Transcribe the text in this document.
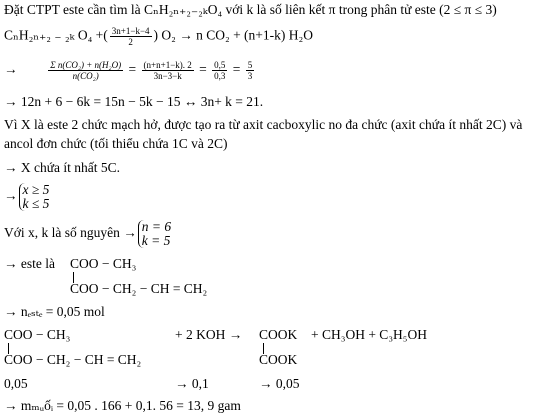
Đặt CTPT este cần tìm là CₙH₂ₙ₊₂₋₂ₖO₄ với k là số liên kết π trong phân tử este (2 ≤ π ≤ 3)
CₙH₂ₙ₊₂ ₋ ₂ₖ O₄ +( $\frac{3n+1-k-4}{2}$ ) O₂ → n CO₂ + (n+1-k) H₂O
→	$\frac{\text{Σ n(CO₂) + n(H₂O)}}{\text{n(CO₂)}} = \frac{(n+n+1-k). 2}{3n-3-k} = \frac{0,5}{0,3} = \frac{5}{3}$
→ 12n + 6 − 6k = 15n − 5k − 15 ↔ 3n+ k = 21.
Vì X là este 2 chức mạch hở, được tạo ra từ axit cacboxylic no đa chức (axit chứa ít nhất 2C) và
ancol đơn chức (tối thiểu chứa 1C và 2C)
→ X chứa ít nhất 5C.
→ x ≥ 5
k ≤ 5
Với x, k là số nguyên → n = 6
k = 5
→ este là COO − CH₃
COO − CH₂ − CH = CH₂
→ nₑₛₜₑ = 0,05 mol
COO − CH₃
COO − CH₂ − CH = CH₂
+ 2 KOH → COOK
COOK
+ CH₃OH + C₃H₅OH
0,05	→ 0,1	→ 0,05
→ mₘᵤốᵢ = 0,05 . 166 + 0,1. 56 = 13, 9 gam
